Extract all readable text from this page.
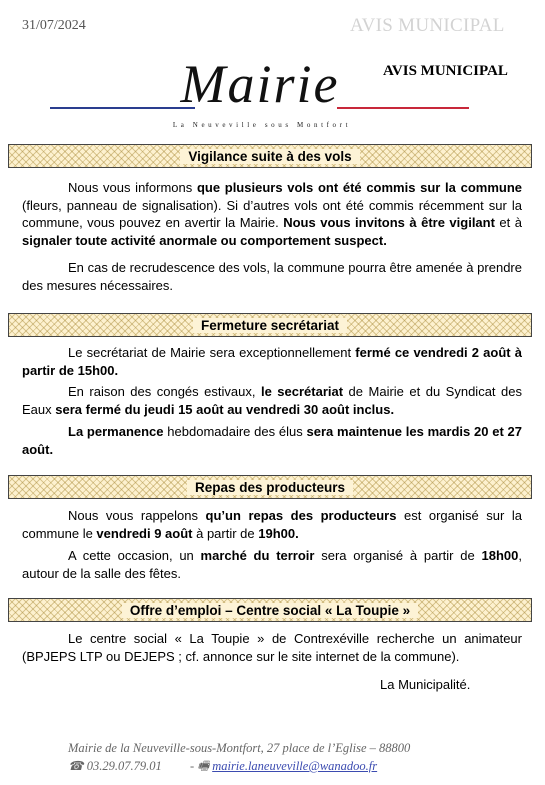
31/07/2024	AVIS MUNICIPAL
AVIS MUNICIPAL
Mairie
La Neuveville sous Montfort
Vigilance suite à des vols

Nous vous informons que plusieurs vols ont été commis sur la commune (fleurs, panneau de signalisation). Si d’autres vols ont été commis récemment sur la commune, vous pouvez en avertir la Mairie. Nous vous invitons à être vigilant et à signaler toute activité anormale ou comportement suspect.

En cas de recrudescence des vols, la commune pourra être amenée à prendre des mesures nécessaires.

Fermeture secrétariat

Le secrétariat de Mairie sera exceptionnellement fermé ce vendredi 2 août à partir de 15h00.

En raison des congés estivaux, le secrétariat de Mairie et du Syndicat des Eaux sera fermé du jeudi 15 août au vendredi 30 août inclus.

La permanence hebdomadaire des élus sera maintenue les mardis 20 et 27 août.

Repas des producteurs

Nous vous rappelons qu’un repas des producteurs est organisé sur la commune le vendredi 9 août à partir de 19h00.

A cette occasion, un marché du terroir sera organisé à partir de 18h00, autour de la salle des fêtes.

Offre d’emploi – Centre social « La Toupie »

Le centre social « La Toupie » de Contrexéville recherche un animateur (BPJEPS LTP ou DEJEPS ; cf. annonce sur le site internet de la commune).

La Municipalité.
Mairie de la Neuveville-sous-Montfort, 27 place de l’Eglise – 88800
☎ 03.29.07.79.01 - 🖷 mairie.laneuveville@wanadoo.fr
